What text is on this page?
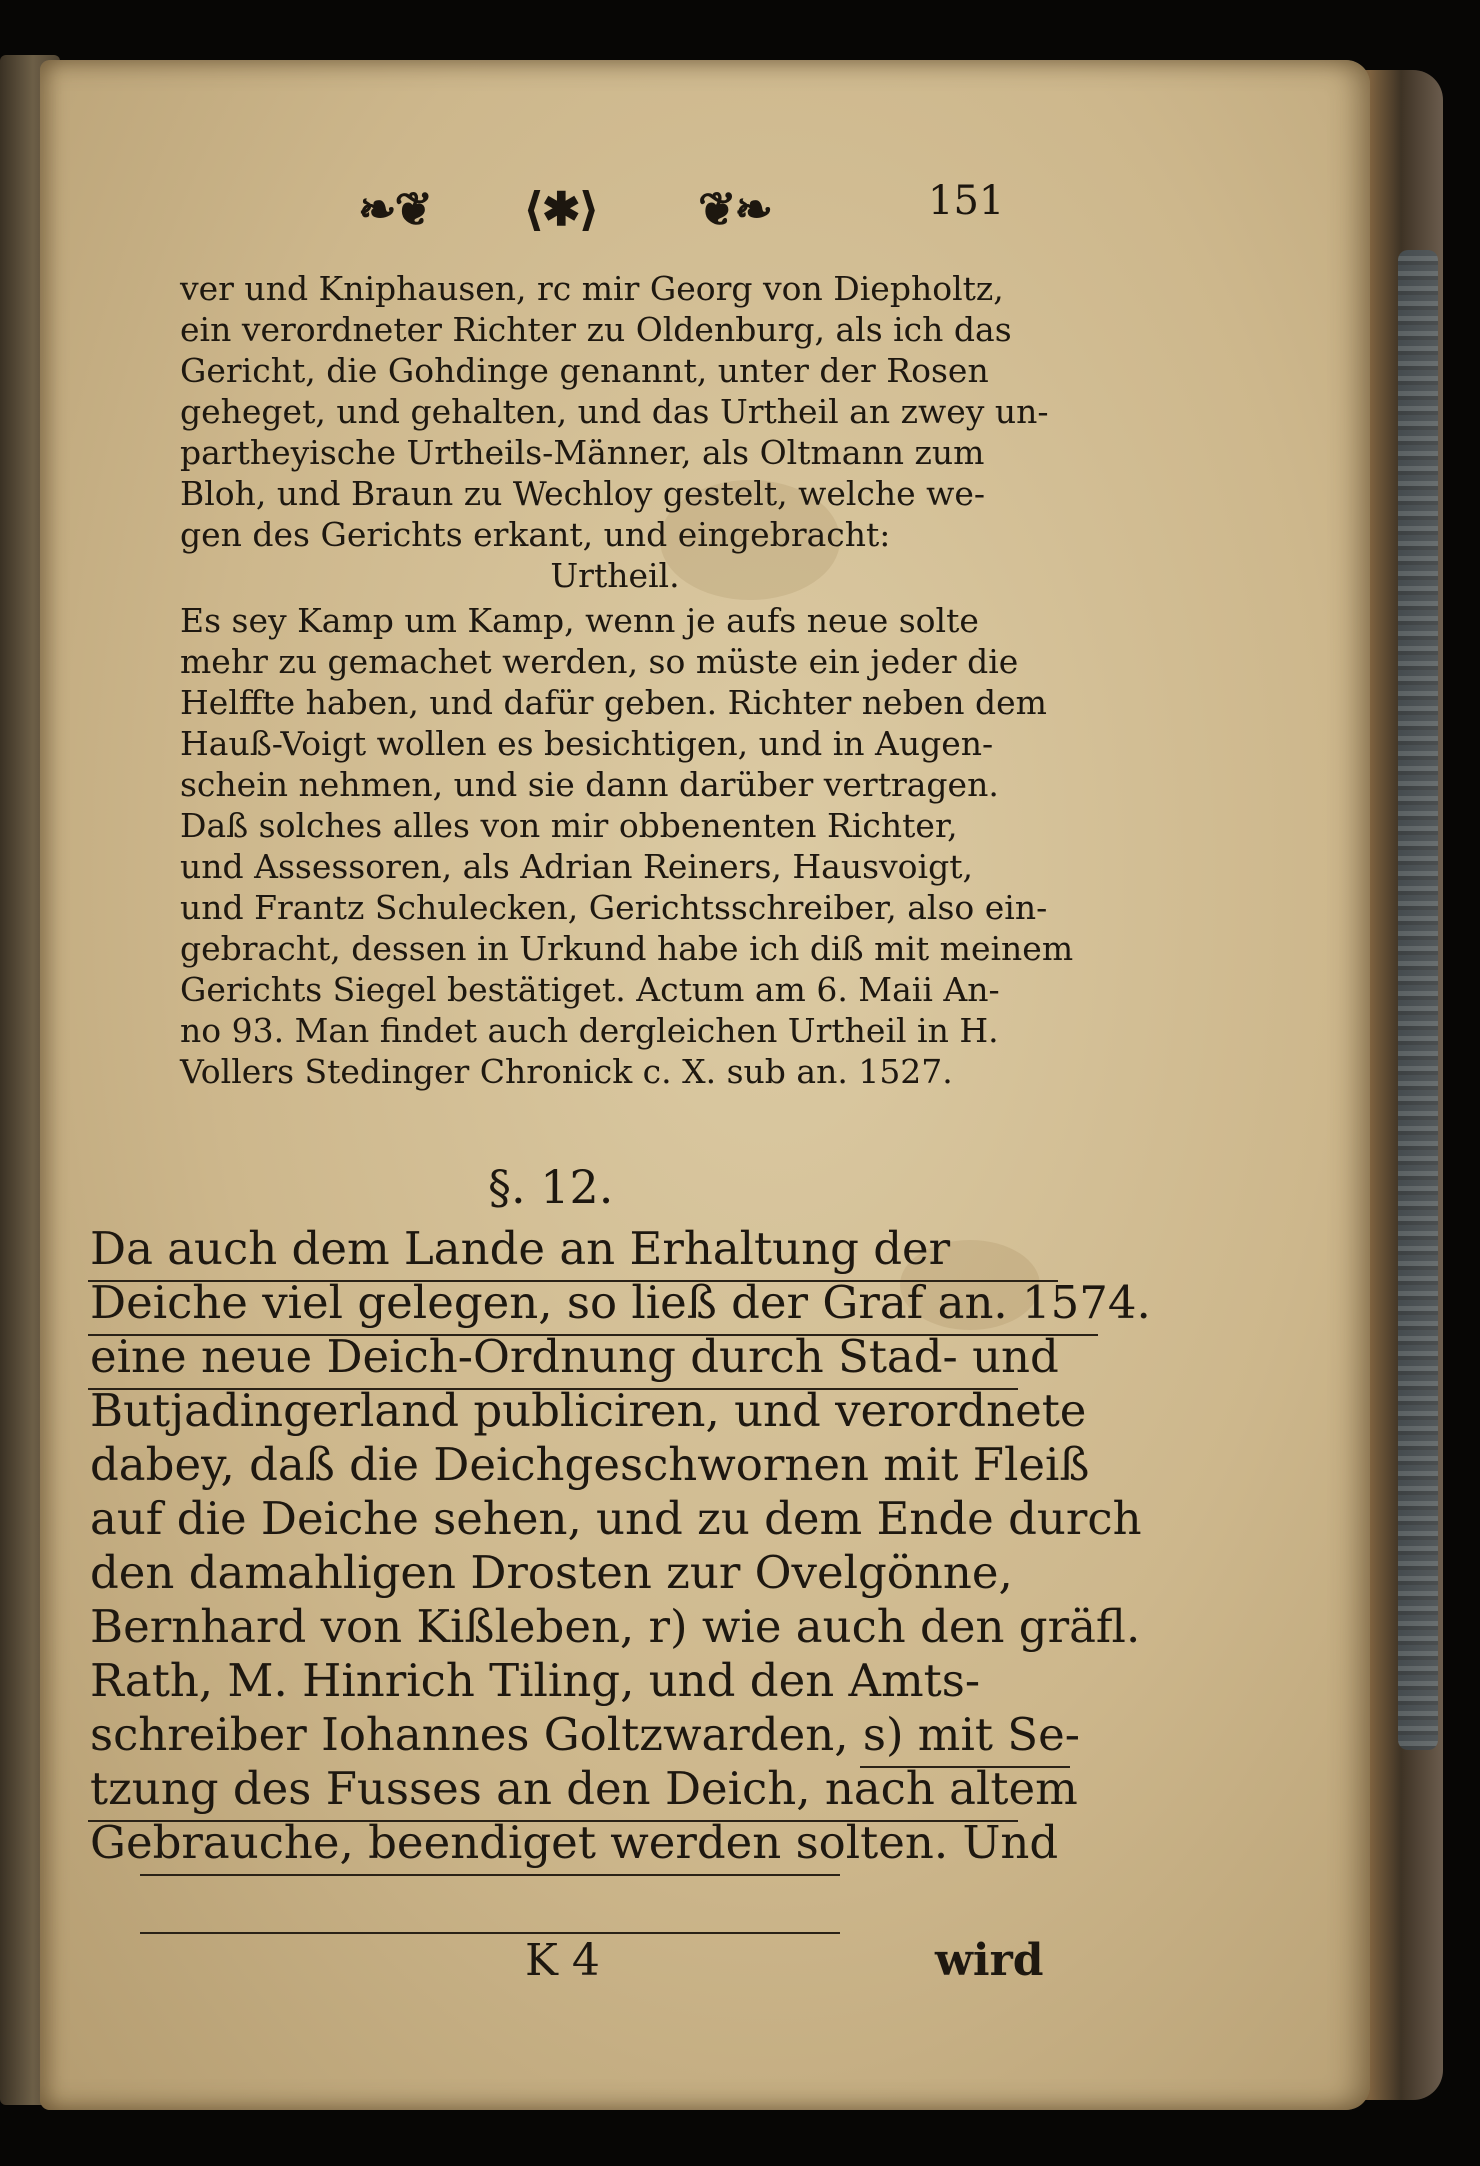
❧❦ ⟨✱⟩ ❦❧	151
ver und Kniphausen, rc mir Georg von Diepholtz,
ein verordneter Richter zu Oldenburg, als ich das
Gericht, die Gohdinge genannt, unter der Rosen
geheget, und gehalten, und das Urtheil an zwey un-
partheyische Urtheils-Männer, als Oltmann zum
Bloh, und Braun zu Wechloy gestelt, welche we-
gen des Gerichts erkant, und eingebracht:
Urtheil.
Es sey Kamp um Kamp, wenn je aufs neue solte
mehr zu gemachet werden, so müste ein jeder die
Helffte haben, und dafür geben. Richter neben dem
Hauß-Voigt wollen es besichtigen, und in Augen-
schein nehmen, und sie dann darüber vertragen.
Daß solches alles von mir obbenenten Richter,
und Assessoren, als Adrian Reiners, Hausvoigt,
und Frantz Schulecken, Gerichtsschreiber, also ein-
gebracht, dessen in Urkund habe ich diß mit meinem
Gerichts Siegel bestätiget. Actum am 6. Maii An-
no 93. Man findet auch dergleichen Urtheil in H.
Vollers Stedinger Chronick c. X. sub an. 1527.
§. 12.
Da auch dem Lande an Erhaltung der
Deiche viel gelegen, so ließ der Graf an. 1574.
eine neue Deich-Ordnung durch Stad- und
Butjadingerland publiciren, und verordnete
dabey, daß die Deichgeschwornen mit Fleiß
auf die Deiche sehen, und zu dem Ende durch
den damahligen Drosten zur Ovelgönne,
Bernhard von Kißleben, r) wie auch den gräfl.
Rath, M. Hinrich Tiling, und den Amts-
schreiber Iohannes Goltzwarden, s) mit Se-
tzung des Fusses an den Deich, nach altem
Gebrauche, beendiget werden solten. Und
K 4	wird
